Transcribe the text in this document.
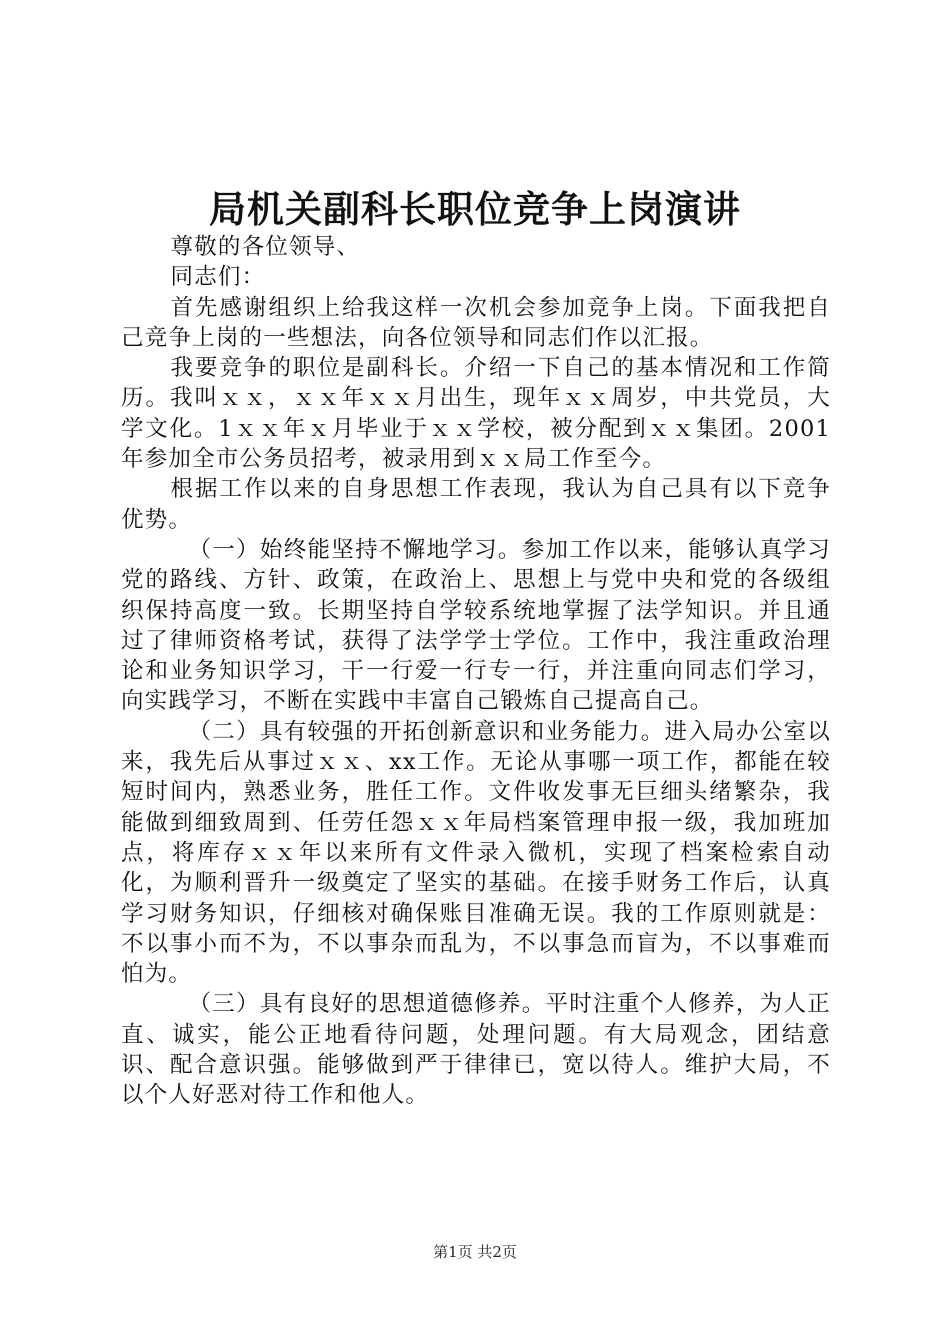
局机关副科长职位竞争上岗演讲

尊敬的各位领导、

同志们：

首先感谢组织上给我这样一次机会参加竞争上岗。下面我把自己竞争上岗的一些想法，向各位领导和同志们作以汇报。

我要竞争的职位是副科长。介绍一下自己的基本情况和工作简历。我叫ｘｘ，ｘｘ年ｘｘ月出生，现年ｘｘ周岁，中共党员，大学文化。1ｘｘ年ｘ月毕业于ｘｘ学校，被分配到ｘｘ集团。2001年参加全市公务员招考，被录用到ｘｘ局工作至今。

根据工作以来的自身思想工作表现，我认为自己具有以下竞争优势。

（一）始终能坚持不懈地学习。参加工作以来，能够认真学习党的路线、方针、政策，在政治上、思想上与党中央和党的各级组织保持高度一致。长期坚持自学较系统地掌握了法学知识。并且通过了律师资格考试，获得了法学学士学位。工作中，我注重政治理论和业务知识学习，干一行爱一行专一行，并注重向同志们学习，向实践学习，不断在实践中丰富自己锻炼自己提高自己。

（二）具有较强的开拓创新意识和业务能力。进入局办公室以来，我先后从事过ｘｘ、xx工作。无论从事哪一项工作，都能在较短时间内，熟悉业务，胜任工作。文件收发事无巨细头绪繁杂，我能做到细致周到、任劳任怨ｘｘ年局档案管理申报一级，我加班加点，将库存ｘｘ年以来所有文件录入微机，实现了档案检索自动化，为顺利晋升一级奠定了坚实的基础。在接手财务工作后，认真学习财务知识，仔细核对确保账目准确无误。我的工作原则就是：不以事小而不为，不以事杂而乱为，不以事急而盲为，不以事难而怕为。

（三）具有良好的思想道德修养。平时注重个人修养，为人正直、诚实，能公正地看待问题，处理问题。有大局观念，团结意识、配合意识强。能够做到严于律律已，宽以待人。维护大局，不以个人好恶对待工作和他人。

第1页 共2页
